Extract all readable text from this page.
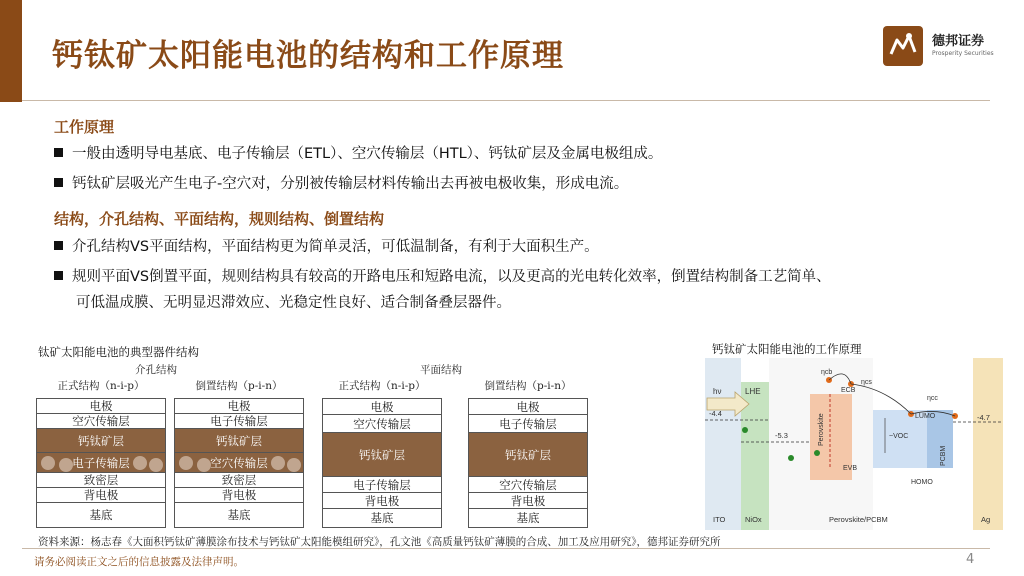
钙钛矿太阳能电池的结构和工作原理	德邦证券
Prosperity Securities
工作原理
一般由透明导电基底、电子传输层（ETL）、空穴传输层（HTL）、钙钛矿层及金属电极组成。
钙钛矿层吸光产生电子-空穴对，分别被传输层材料传输出去再被电极收集，形成电流。
结构，介孔结构、平面结构，规则结构、倒置结构
介孔结构VS平面结构，平面结构更为简单灵活，可低温制备，有利于大面积生产。
规则平面VS倒置平面，规则结构具有较高的开路电压和短路电流，以及更高的光电转化效率，倒置结构制备工艺简单、
可低温成膜、无明显迟滞效应、光稳定性良好、适合制备叠层器件。
钛矿太阳能电池的典型器件结构
介孔结构	平面结构
正式结构（n-i-p）	倒置结构（p-i-n）	正式结构（n-i-p）	倒置结构（p-i-n）
电极
空穴传输层
钙钛矿层
电子传输层
致密层
背电极
基底
电极
电子传输层
钙钛矿层
空穴传输层
致密层
背电极
基底
电极
空穴传输层
钙钛矿层
电子传输层
背电极
基底
电极
电子传输层
钙钛矿层
空穴传输层
背电极
基底
钙钛矿太阳能电池的工作原理
hν	LHE
-4.4
-5.3
-4.7
ηcb
ηcs
ηcc
ECB
EVB
LUMO
HOMO
~VOC
Perovskite
PCBM
ITO	NiOx	Perovskite/PCBM	Ag
资料来源：杨志春《大面积钙钛矿薄膜涂布技术与钙钛矿太阳能模组研究》，孔文池《高质量钙钛矿薄膜的合成、加工及应用研究》，德邦证券研究所
请务必阅读正文之后的信息披露及法律声明。	4
